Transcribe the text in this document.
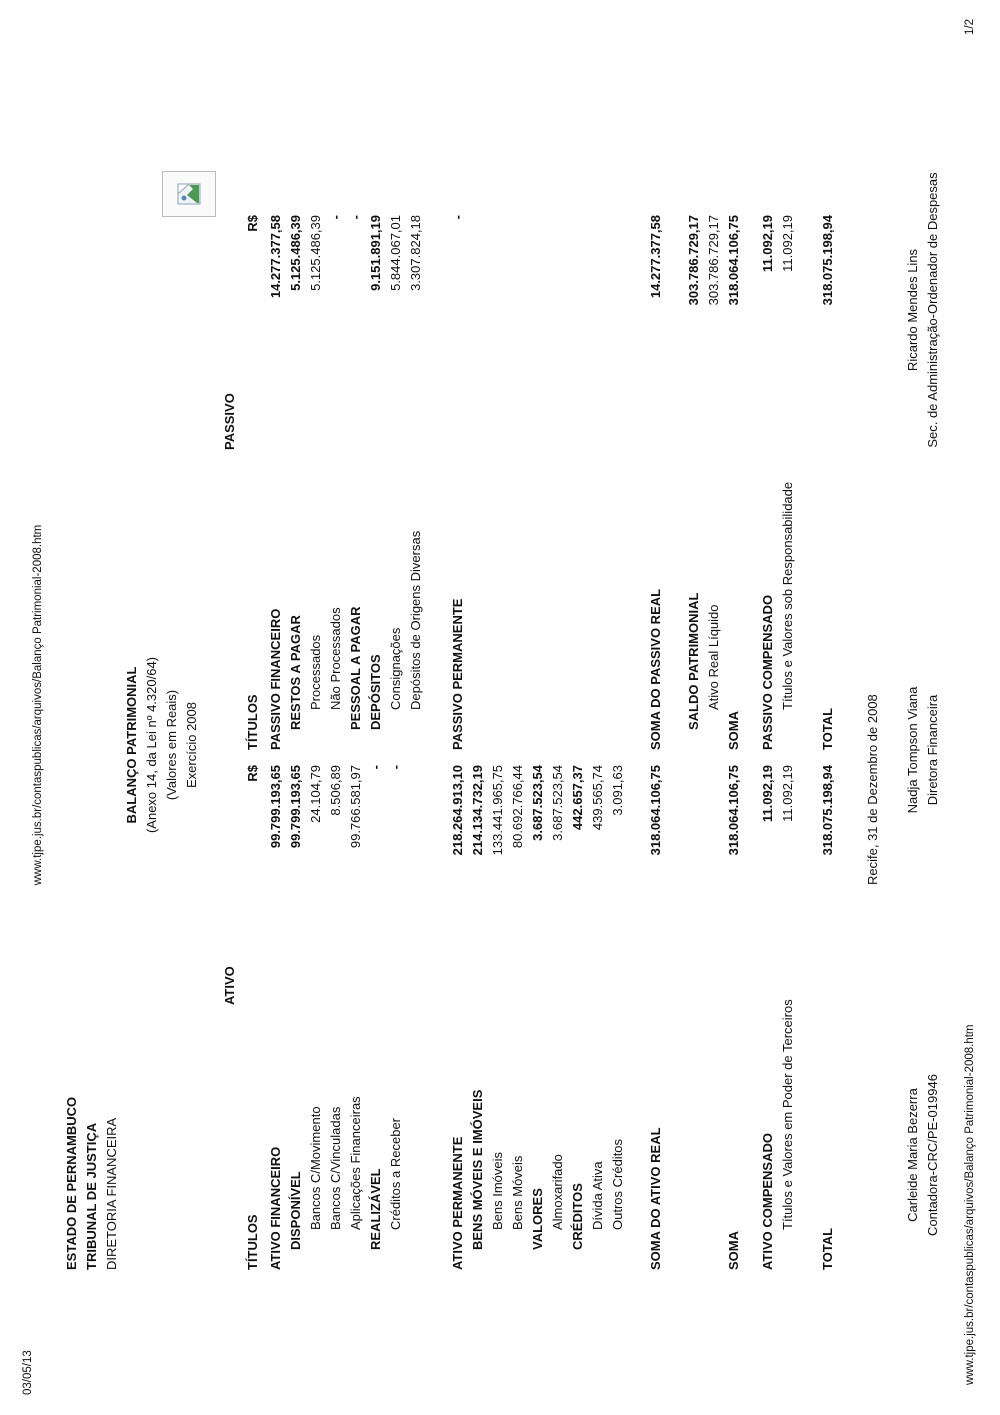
03/05/13
www.tjpe.jus.br/contaspublicas/arquivos/Balanço Patrimonial-2008.htm
www.tjpe.jus.br/contaspublicas/arquivos/Balanço Patrimonial-2008.htm
1/2
ESTADO DE PERNAMBUCO TRIBUNAL DE JUSTIÇA DIRETORIA FINANCEIRA
BALANÇO PATRIMONIAL (Anexo 14, da Lei nº 4.320/64) (Valores em Reais) Exercício 2008
ATIVO
PASSIVO
TÍTULOS
R$
TÍTULOS
R$
ATIVO FINANCEIRO
99.799.193,65
DISPONÍVEL
99.799.193,65
Bancos C/Movimento
24.104,79
Bancos C/Vinculadas
8.506,89
Aplicações Financeiras
99.766.581,97
REALIZÁVEL
-
Créditos a Receber
-
ATIVO PERMANENTE
218.264.913,10
BENS MÓVEIS E IMÓVEIS
214.134.732,19
Bens Imóveis
133.441.965,75
Bens Móveis
80.692.766,44
VALORES
3.687.523,54
Almoxarifado
3.687.523,54
CRÉDITOS
442.657,37
Dívida Ativa
439.565,74
Outros Créditos
3.091,63
SOMA DO ATIVO REAL
318.064.106,75
SOMA
318.064.106,75
ATIVO COMPENSADO
11.092,19
Títulos e Valores em Poder de Terceiros
11.092,19
TOTAL
318.075.198,94
PASSIVO FINANCEIRO
14.277.377,58
RESTOS A PAGAR
5.125.486,39
Processados
5.125.486,39
Não Processados
-
PESSOAL A PAGAR
-
DEPÓSITOS
9.151.891,19
Consignações
5.844.067,01
Depósitos de Origens Diversas
3.307.824,18
PASSIVO PERMANENTE
-
SOMA DO PASSIVO REAL
14.277.377,58
SALDO PATRIMONIAL
303.786.729,17
Ativo Real Líquido
303.786.729,17
SOMA
318.064.106,75
PASSIVO COMPENSADO
11.092,19
Títulos e Valores sob Responsabilidade
11.092,19
TOTAL
318.075.198,94
Recife, 31 de Dezembro de 2008
Carleide Maria Bezerra Contadora-CRC/PE-019946
Nadja Tompson Viana Diretora Financeira
Ricardo Mendes Lins Sec. de Administração-Ordenador de Despesas
